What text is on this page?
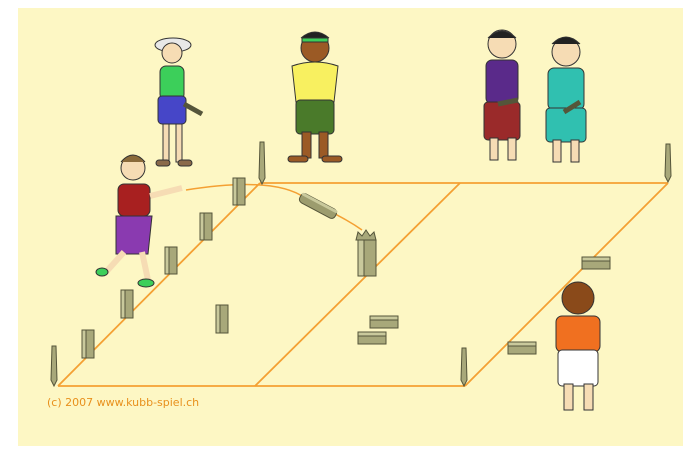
(c) 2007 www.kubb-spiel.ch
